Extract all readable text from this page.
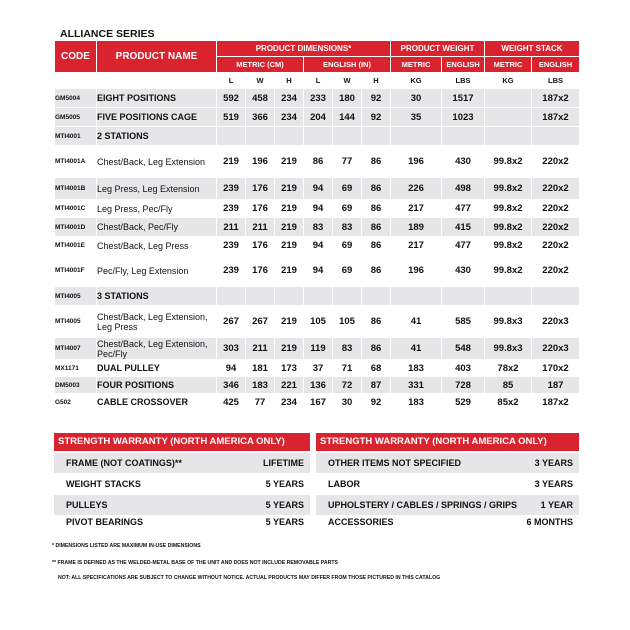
ALLIANCE SERIES
CODE	PRODUCT NAME	PRODUCT DIMENSIONS*						PRODUCT WEIGHT		WEIGHT STACK	
		METRIC (CM)			ENGLISH (IN)			METRIC	ENGLISH	METRIC	ENGLISH
		L	W	H	L	W	H	KG	LBS	KG	LBS
GM5004	EIGHT POSITIONS	592	458	234	233	180	92	30	1517		187x2
GM5005	FIVE POSITIONS CAGE	519	366	234	204	144	92	35	1023		187x2
MTI4001	2 STATIONS										
MTI4001A	Chest/Back, Leg Extension	219	196	219	86	77	86	196	430	99.8x2	220x2
MTI4001B	Leg Press, Leg Extension	239	176	219	94	69	86	226	498	99.8x2	220x2
MTI4001C	Leg Press, Pec/Fly	239	176	219	94	69	86	217	477	99.8x2	220x2
MTI4001D	Chest/Back, Pec/Fly	211	211	219	83	83	86	189	415	99.8x2	220x2
MTI4001E	Chest/Back, Leg Press	239	176	219	94	69	86	217	477	99.8x2	220x2
MTI4001F	Pec/Fly, Leg Extension	239	176	219	94	69	86	196	430	99.8x2	220x2
MTI4005	3 STATIONS										
MTI4005	Chest/Back, Leg Extension, Leg Press	267	267	219	105	105	86	41	585	99.8x3	220x3
MTI4007	Chest/Back, Leg Extension, Pec/Fly	303	211	219	119	83	86	41	548	99.8x3	220x3
MX1171	DUAL PULLEY	94	181	173	37	71	68	183	403	78x2	170x2
DM5003	FOUR POSITIONS	346	183	221	136	72	87	331	728	85	187
G502	CABLE CROSSOVER	425	77	234	167	30	92	183	529	85x2	187x2
STRENGTH WARRANTY (NORTH AMERICA ONLY)	STRENGTH WARRANTY (NORTH AMERICA ONLY)
FRAME (NOT COATINGS)**	LIFETIME
WEIGHT STACKS	5 YEARS
PULLEYS	5 YEARS
PIVOT BEARINGS	5 YEARS
OTHER ITEMS NOT SPECIFIED	3 YEARS
LABOR	3 YEARS
UPHOLSTERY / CABLES / SPRINGS / GRIPS	1 YEAR
ACCESSORIES	6 MONTHS
* DIMENSIONS LISTED ARE MAXIMUM IN-USE DIMENSIONS
** FRAME IS DEFINED AS THE WELDED-METAL BASE OF THE UNIT AND DOES NOT INCLUDE REMOVABLE PARTS
NOT: ALL SPECIFICATIONS ARE SUBJECT TO CHANGE WITHOUT NOTICE. ACTUAL PRODUCTS MAY DIFFER FROM THOSE PICTURED IN THIS CATALOG
